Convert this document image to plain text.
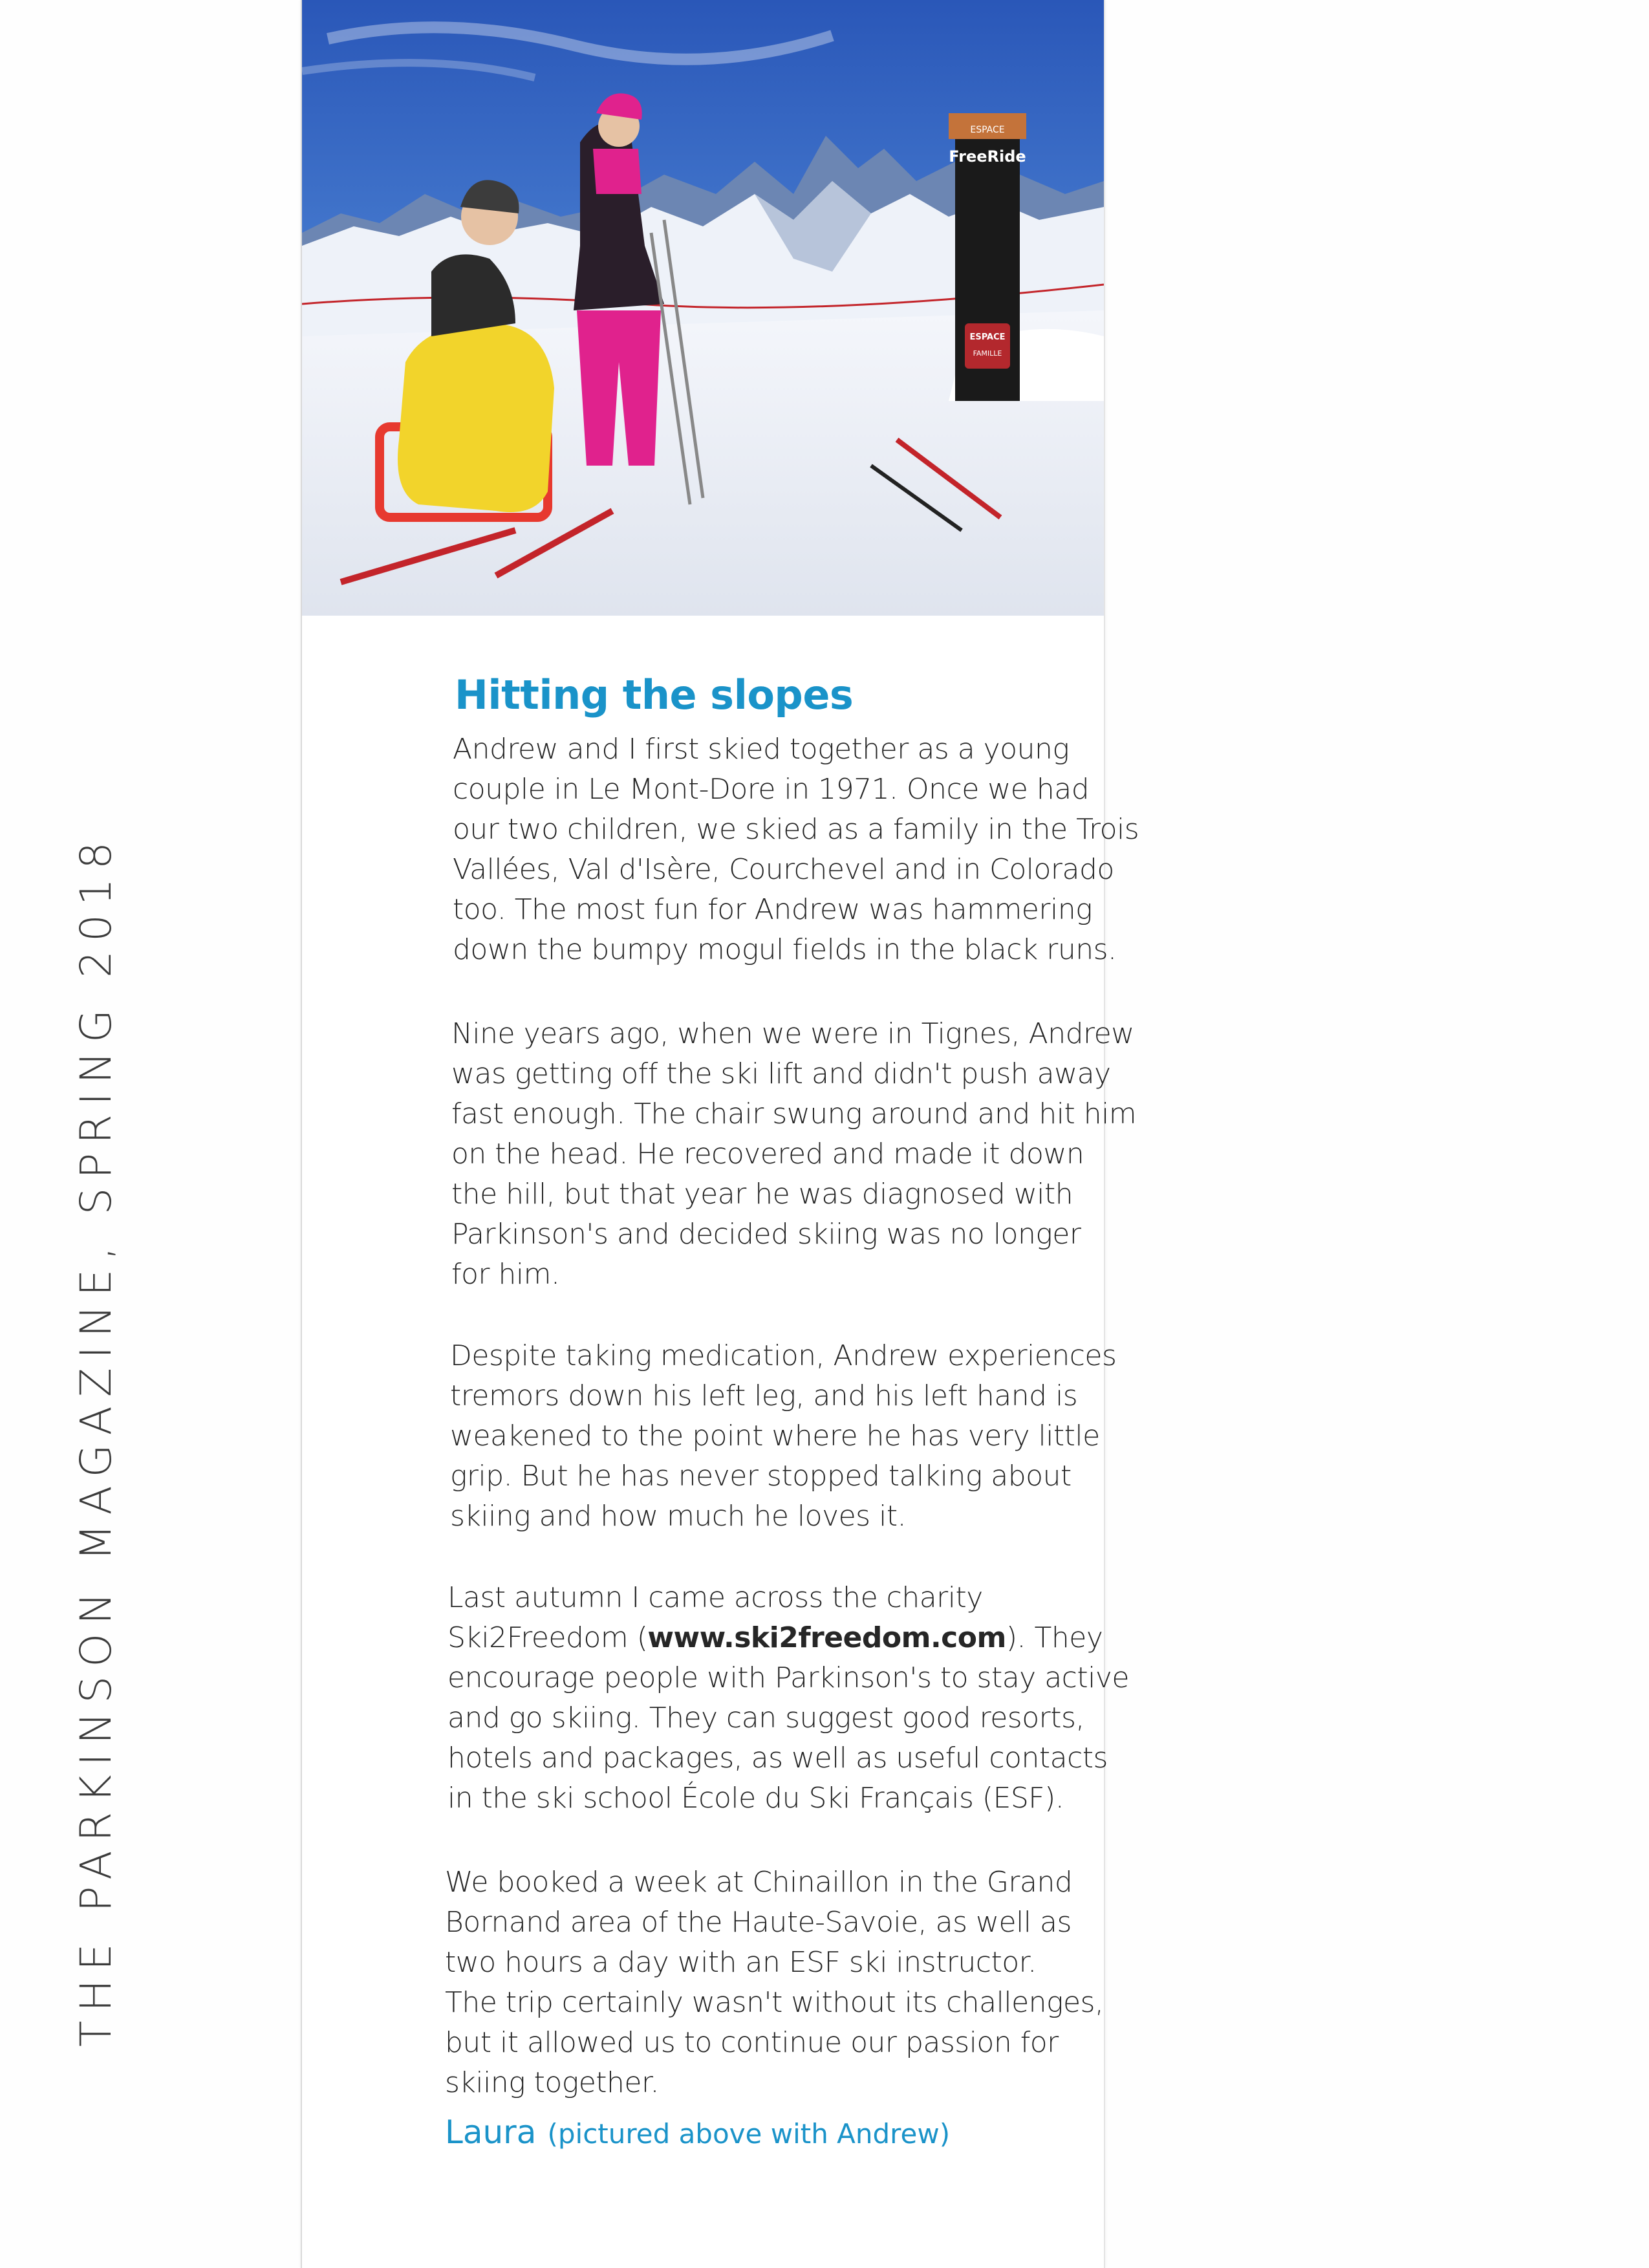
ESPACE
FreeRide
ESPACE
FAMILLE
THE PARKINSON MAGAZINE, SPRING 2018
Hitting the slopes
Andrew and I first skied together as a young
couple in Le Mont-Dore in 1971. Once we had
our two children, we skied as a family in the Trois
Vallées, Val d'Isère, Courchevel and in Colorado
too. The most fun for Andrew was hammering
down the bumpy mogul fields in the black runs.
Nine years ago, when we were in Tignes, Andrew
was getting off the ski lift and didn't push away
fast enough. The chair swung around and hit him
on the head. He recovered and made it down
the hill, but that year he was diagnosed with
Parkinson's and decided skiing was no longer
for him.
Despite taking medication, Andrew experiences
tremors down his left leg, and his left hand is
weakened to the point where he has very little
grip. But he has never stopped talking about
skiing and how much he loves it.
Last autumn I came across the charity
Ski2Freedom (www.ski2freedom.com). They
encourage people with Parkinson's to stay active
and go skiing. They can suggest good resorts,
hotels and packages, as well as useful contacts
in the ski school École du Ski Français (ESF).
We booked a week at Chinaillon in the Grand
Bornand area of the Haute-Savoie, as well as
two hours a day with an ESF ski instructor.
The trip certainly wasn't without its challenges,
but it allowed us to continue our passion for
skiing together.
Laura (pictured above with Andrew)
